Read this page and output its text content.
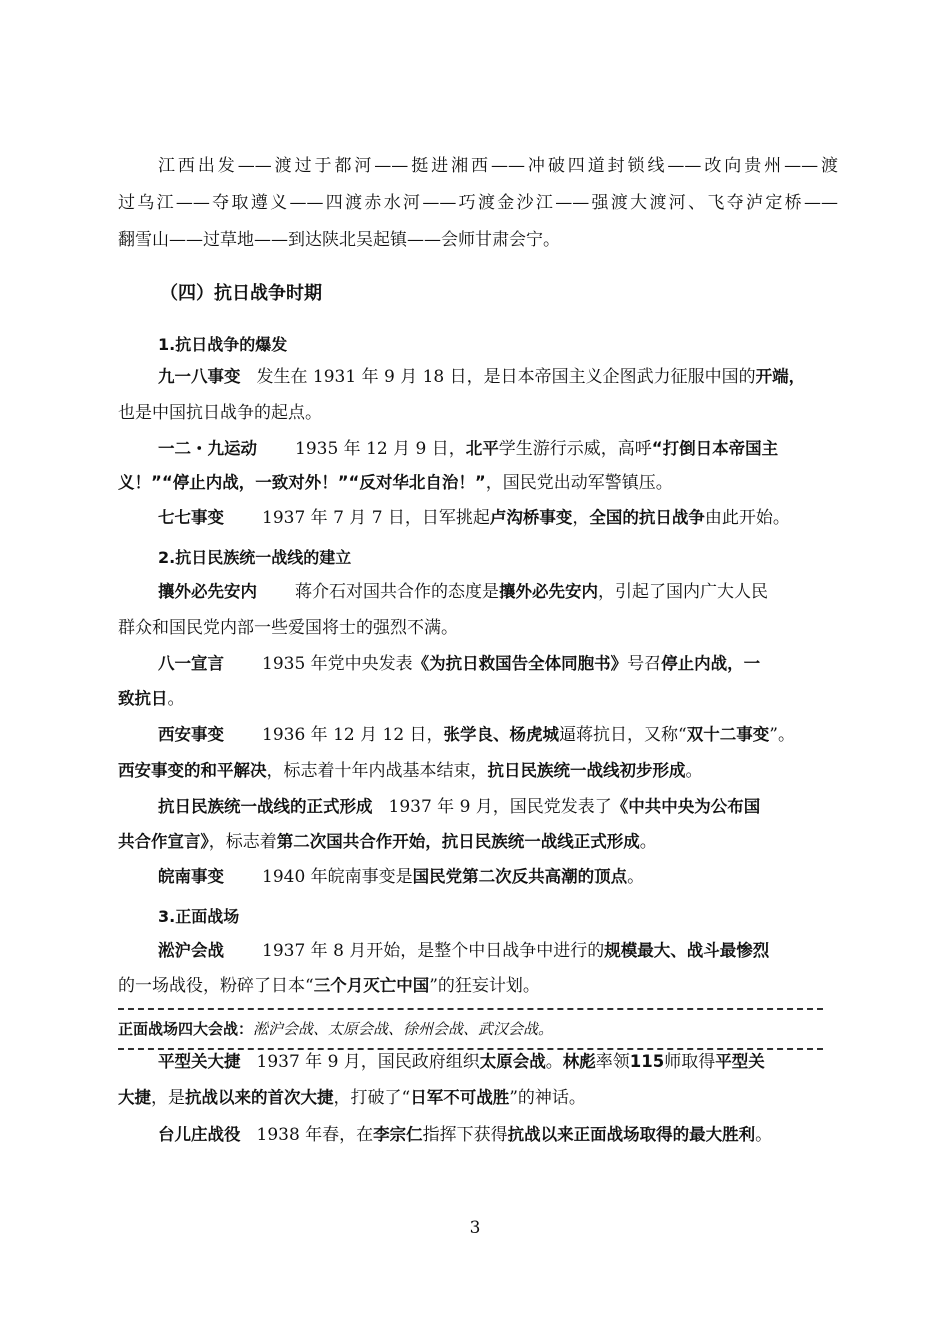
江西出发——渡过于都河——挺进湘西——冲破四道封锁线——改向贵州——渡
过乌江——夺取遵义——四渡赤水河——巧渡金沙江——强渡大渡河、飞夺泸定桥——
翻雪山——过草地——到达陕北吴起镇——会师甘肃会宁。
（四）抗日战争时期
1.抗日战争的爆发
九一八事变 发生在 1931 年 9 月 18 日，是日本帝国主义企图武力征服中国的开端，
也是中国抗日战争的起点。
一二・九运动 1935 年 12 月 9 日，北平学生游行示威，高呼“打倒日本帝国主
义！”“停止内战，一致对外！”“反对华北自治！”，国民党出动军警镇压。
七七事变 1937 年 7 月 7 日，日军挑起卢沟桥事变，全国的抗日战争由此开始。
2.抗日民族统一战线的建立
攘外必先安内 蒋介石对国共合作的态度是攘外必先安内，引起了国内广大人民
群众和国民党内部一些爱国将士的强烈不满。
八一宣言 1935 年党中央发表《为抗日救国告全体同胞书》号召停止内战，一
致抗日。
西安事变 1936 年 12 月 12 日，张学良、杨虎城逼蒋抗日，又称“双十二事变”。
西安事变的和平解决，标志着十年内战基本结束，抗日民族统一战线初步形成。
抗日民族统一战线的正式形成 1937 年 9 月，国民党发表了《中共中央为公布国
共合作宣言》，标志着第二次国共合作开始，抗日民族统一战线正式形成。
皖南事变 1940 年皖南事变是国民党第二次反共高潮的顶点。
3.正面战场
淞沪会战 1937 年 8 月开始，是整个中日战争中进行的规模最大、战斗最惨烈
的一场战役，粉碎了日本“三个月灭亡中国”的狂妄计划。
正面战场四大会战：淞沪会战、太原会战、徐州会战、武汉会战。
平型关大捷 1937 年 9 月，国民政府组织太原会战。林彪率领115师取得平型关
大捷，是抗战以来的首次大捷，打破了“日军不可战胜”的神话。
台儿庄战役 1938 年春，在李宗仁指挥下获得抗战以来正面战场取得的最大胜利。
3
